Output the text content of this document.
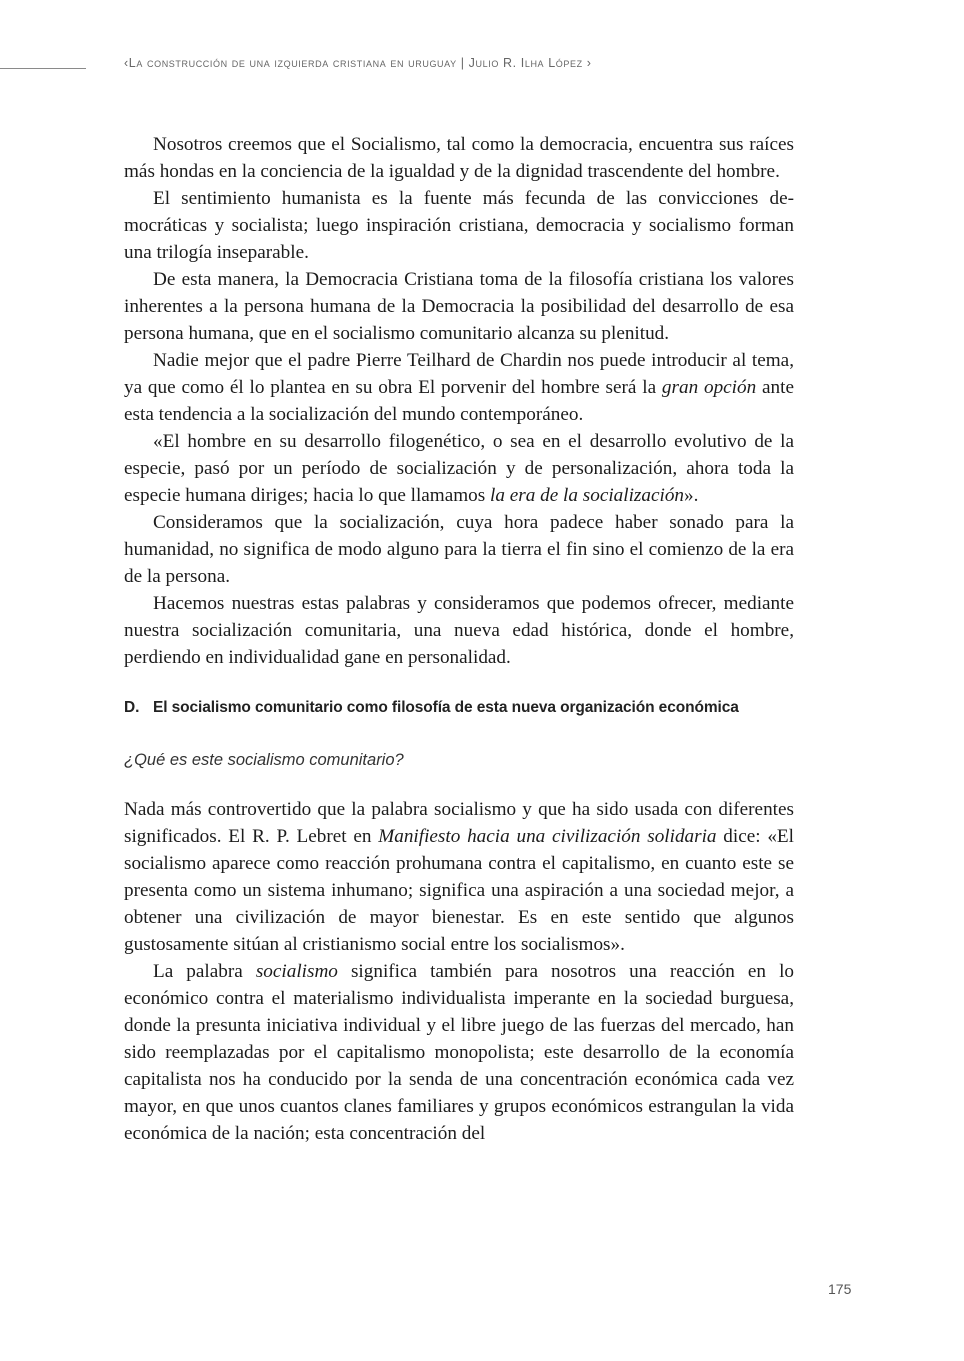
‹La construcción de una izquierda cristiana en uruguay | Julio R. Ilha López ›

Nosotros creemos que el Socialismo, tal como la democracia, encuentra sus raíces más hondas en la conciencia de la igualdad y de la dignidad trascendente del hombre.

El sentimiento humanista es la fuente más fecunda de las convicciones democráticas y socialista; luego inspiración cristiana, democracia y socialismo forman una trilogía inseparable.

De esta manera, la Democracia Cristiana toma de la filosofía cristiana los valores inherentes a la persona humana de la Democracia la posibilidad del desarrollo de esa persona humana, que en el socialismo comunitario alcanza su plenitud.

Nadie mejor que el padre Pierre Teilhard de Chardin nos puede introducir al tema, ya que como él lo plantea en su obra El porvenir del hombre será la gran opción ante esta tendencia a la socialización del mundo contemporáneo.

«El hombre en su desarrollo filogenético, o sea en el desarrollo evolutivo de la especie, pasó por un período de socialización y de personalización, ahora toda la especie humana diriges; hacia lo que llamamos la era de la socialización».

Consideramos que la socialización, cuya hora padece haber sonado para la humanidad, no significa de modo alguno para la tierra el fin sino el comienzo de la era de la persona.

Hacemos nuestras estas palabras y consideramos que podemos ofrecer, mediante nuestra socialización comunitaria, una nueva edad histórica, donde el hombre, perdiendo en individualidad gane en personalidad.

D. El socialismo comunitario como filosofía de esta nueva organización económica
¿Qué es este socialismo comunitario?

Nada más controvertido que la palabra socialismo y que ha sido usada con diferentes significados. El R. P. Lebret en Manifiesto hacia una civilización solidaria dice: «El socialismo aparece como reacción prohumana contra el capitalismo, en cuanto este se presenta como un sistema inhumano; significa una aspiración a una sociedad mejor, a obtener una civilización de mayor bienestar. Es en este sentido que algunos gustosamente sitúan al cristianismo social entre los socialismos».

La palabra socialismo significa también para nosotros una reacción en lo económico contra el materialismo individualista imperante en la sociedad burguesa, donde la presunta iniciativa individual y el libre juego de las fuerzas del mercado, han sido reemplazadas por el capitalismo monopolista; este desarrollo de la economía capitalista nos ha conducido por la senda de una concentración económica cada vez mayor, en que unos cuantos clanes familiares y grupos económicos estrangulan la vida económica de la nación; esta concentración del

175
